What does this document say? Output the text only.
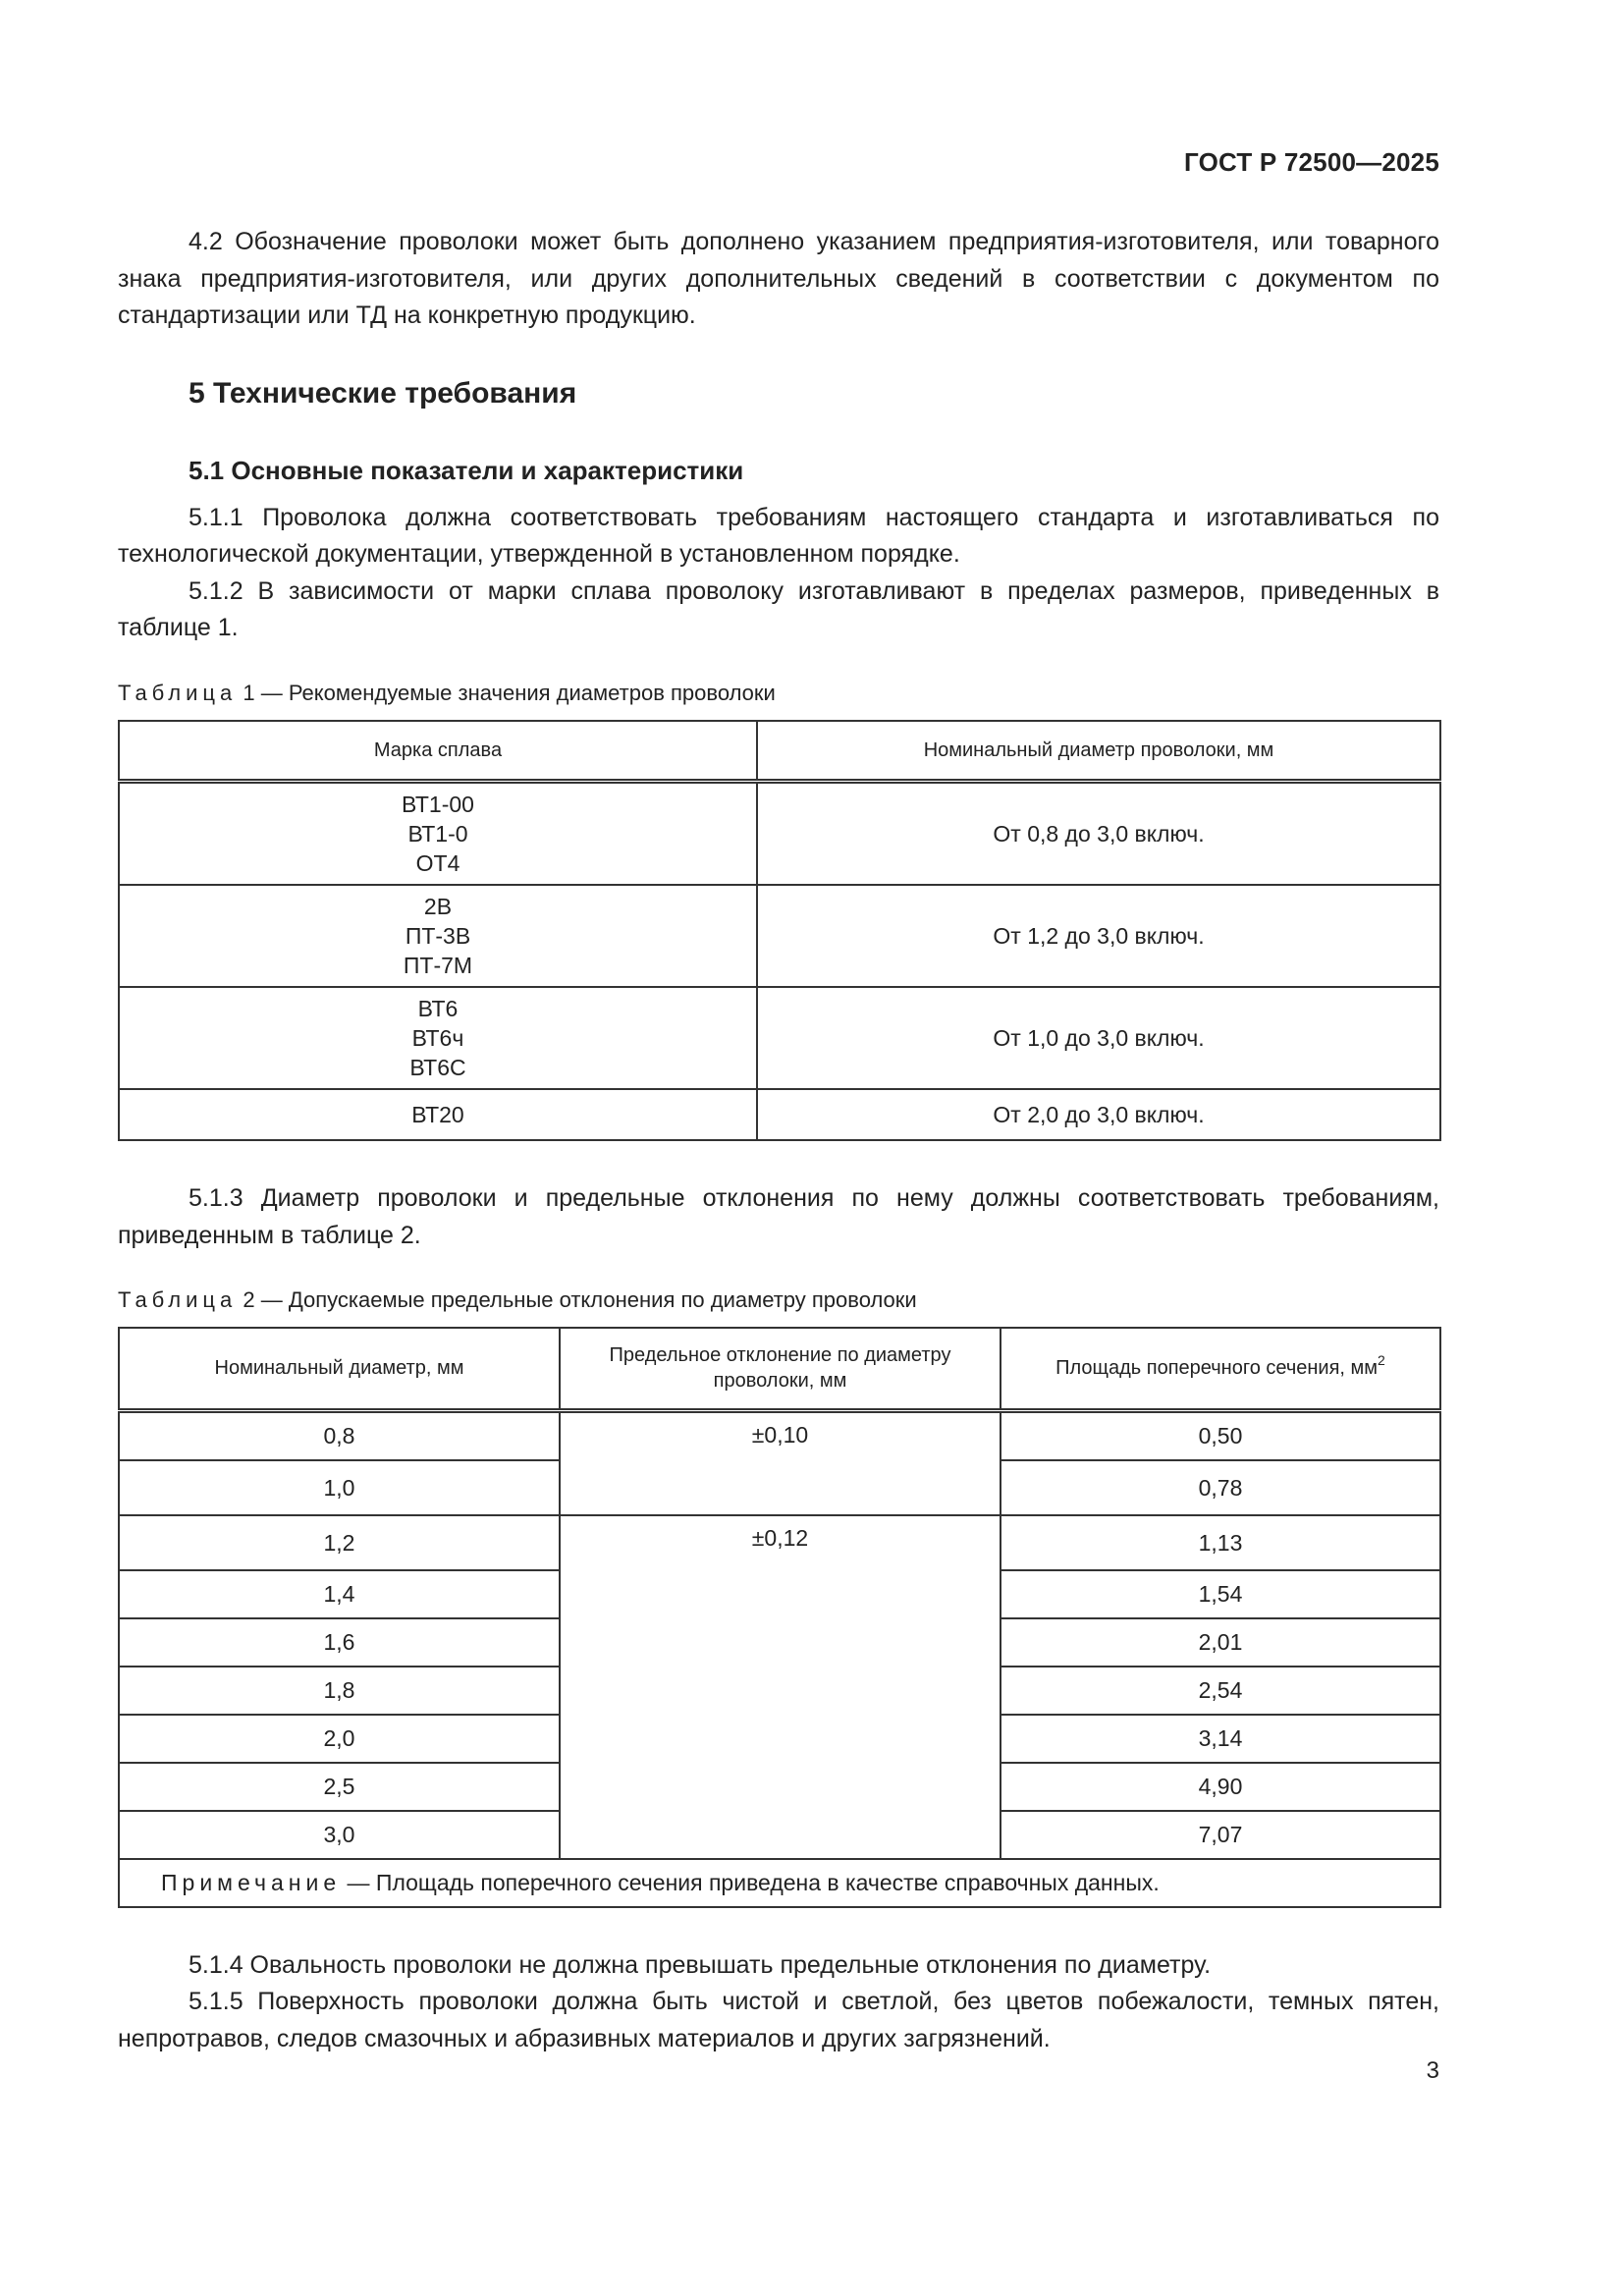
ГОСТ Р 72500—2025

4.2 Обозначение проволоки может быть дополнено указанием предприятия-изготовителя, или товарного знака предприятия-изготовителя, или других дополнительных сведений в соответствии с документом по стандартизации или ТД на конкретную продукцию.

5 Технические требования
5.1 Основные показатели и характеристики

5.1.1 Проволока должна соответствовать требованиям настоящего стандарта и изготавливаться по технологической документации, утвержденной в установленном порядке.

5.1.2 В зависимости от марки сплава проволоку изготавливают в пределах размеров, приведенных в таблице 1.

Таблица 1 — Рекомендуемые значения диаметров проволоки
Марка сплава	Номинальный диаметр проволоки, мм

ВТ1-00
ВТ1-0
ОТ4	От 0,8 до 3,0 включ.

2В
ПТ-3В
ПТ-7М	От 1,2 до 3,0 включ.

ВТ6
ВТ6ч
ВТ6С	От 1,0 до 3,0 включ.

ВТ20	От 2,0 до 3,0 включ.

5.1.3 Диаметр проволоки и предельные отклонения по нему должны соответствовать требованиям, приведенным в таблице 2.

Таблица 2 — Допускаемые предельные отклонения по диаметру проволоки
Номинальный диаметр, мм	Предельное отклонение по диаметру проволоки, мм	Площадь поперечного сечения, $мм^2$
0,8	±0,10	0,50
1,0		0,78
1,2	±0,12	1,13
1,4		1,54
1,6		2,01
1,8		2,54
2,0		3,14
2,5		4,90
3,0		7,07
Примечание — Площадь поперечного сечения приведена в качестве справочных данных.		

5.1.4 Овальность проволоки не должна превышать предельные отклонения по диаметру.

5.1.5 Поверхность проволоки должна быть чистой и светлой, без цветов побежалости, темных пятен, непротравов, следов смазочных и абразивных материалов и других загрязнений.

3
